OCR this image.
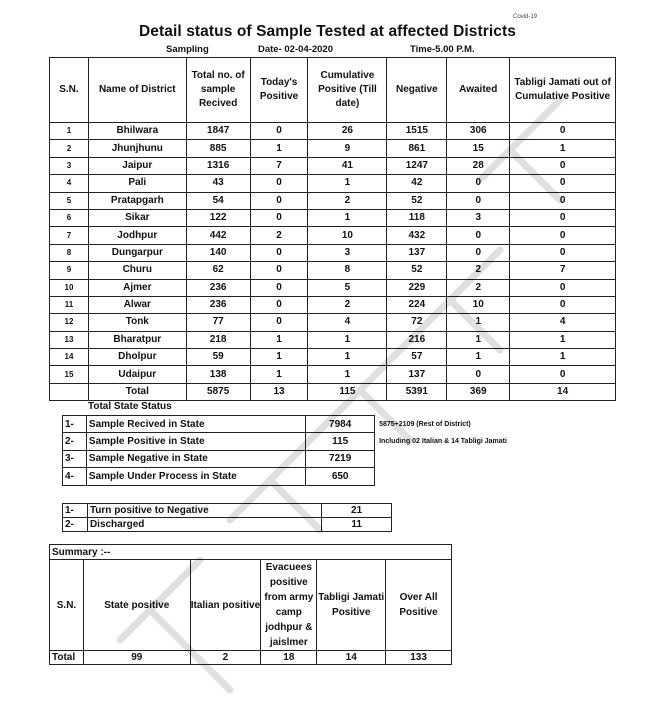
Covid-19
Detail status of Sample Tested at affected Districts
Sampling	Date- 02-04-2020	Time-5.00 P.M.
S.N.	Name of District	Total no. of sample Recived	Today's Positive	Cumulative Positive (Till date)	Negative	Awaited	Tabligi Jamati out of Cumulative Positive
1	Bhilwara	1847	0	26	1515	306	0
2	Jhunjhunu	885	1	9	861	15	1
3	Jaipur	1316	7	41	1247	28	0
4	Pali	43	0	1	42	0	0
5	Pratapgarh	54	0	2	52	0	0
6	Sikar	122	0	1	118	3	0
7	Jodhpur	442	2	10	432	0	0
8	Dungarpur	140	0	3	137	0	0
9	Churu	62	0	8	52	2	7
10	Ajmer	236	0	5	229	2	0
11	Alwar	236	0	2	224	10	0
12	Tonk	77	0	4	72	1	4
13	Bharatpur	218	1	1	216	1	1
14	Dholpur	59	1	1	57	1	1
15	Udaipur	138	1	1	137	0	0
	Total	5875	13	115	5391	369	14
Total State Status
1-	Sample Recived in State	7984	5875+2109 (Rest of District)
2-	Sample Positive in State	115	Including 02 Italian & 14 Tabligi Jamati
3-	Sample Negative in State	7219	
4-	Sample Under Process in State	650	
1-	Turn positive to Negative	21
2-	Discharged	11
Summary :--					
S.N.	State positive	Italian positive	Evacuees positive from army camp jodhpur & jaislmer	Tabligi Jamati Positive	Over All Positive
Total	99	2	18	14	133
